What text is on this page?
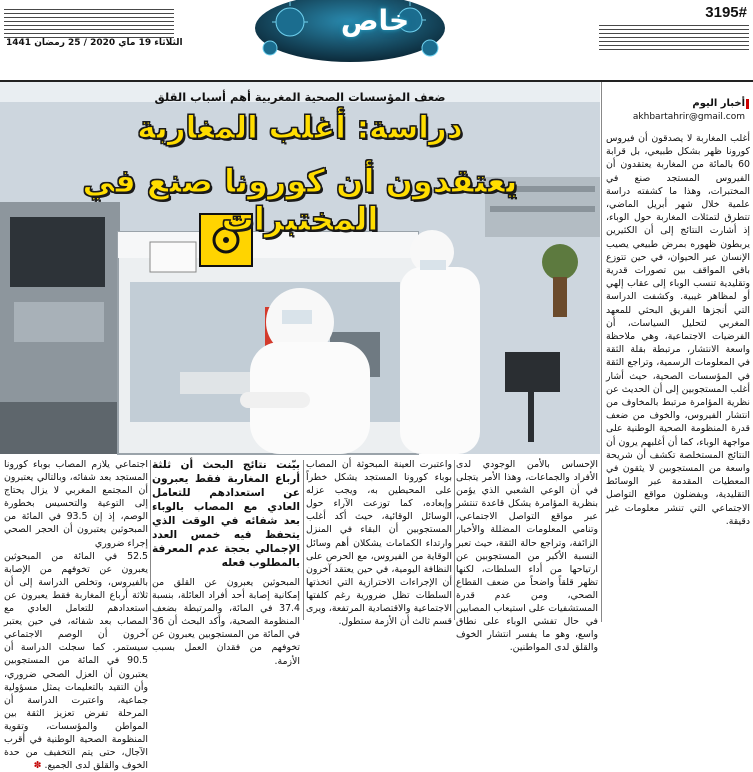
خاص	3195#
الثلاثاء 19 ماي 2020 / 25 رمضان 1441
ضعف المؤسسات الصحية المغربية أهم أسباب القلق
دراسة: أغلب المغاربة
يعتقدون أن كورونا صنع في المختبرات
أخبار اليوم
akhbartahrir@gmail.com

أغلب المغاربة لا يصدقون أن فيروس كورونا ظهر بشكل طبيعي، بل قرابة 60 بالمائة من المغاربة يعتقدون أن الفيروس المستجد صنع في المختبرات، وهذا ما كشفته دراسة علمية خلال شهر أبريل الماضي، تتطرق لتمثلات المغاربة حول الوباء، إذ أشارت النتائج إلى أن الكثيرين يربطون ظهوره بمرض طبيعي يصيب الإنسان عبر الحيوان، في حين تتوزع باقي المواقف بين تصورات قدرية وتقليدية تنسب الوباء إلى عقاب إلهي أو لمظاهر غيبية. وكشفت الدراسة التي أنجزها الفريق البحثي للمعهد المغربي لتحليل السياسات، أن الفرضيات الاجتماعية، وهي ملاحظة واسعة الانتشار، مرتبطة بقلة الثقة في المعلومات الرسمية، وتراجع الثقة في المؤسسات الصحية، حيث أشار أغلب المستجوبين إلى أن الحديث عن نظرية المؤامرة مرتبط بالمخاوف من انتشار الفيروس، والخوف من ضعف قدرة المنظومة الصحية الوطنية على مواجهة الوباء، كما أن أغلبهم يرون أن النتائج المستخلصة تكشف أن شريحة واسعة من المستجوبين لا يثقون في المعطيات المقدمة عبر الوسائط التقليدية، ويفضلون مواقع التواصل الاجتماعي التي تنشر معلومات غير دقيقة.

الإحساس بالأمن الوجودي لدى الأفراد والجماعات، وهذا الأمر يتجلى في أن الوعي الشعبي الذي يؤمن بنظرية المؤامرة يشكل قاعدة تنتشر عبر مواقع التواصل الاجتماعي، وتنامي المعلومات المضللة والأخبار الزائفة، وتراجع حالة الثقة، حيث تعبر النسبة الأكبر من المستجوبين عن ارتياحها من أداء السلطات، لكنها تظهر قلقاً واضحاً من ضعف القطاع الصحي، ومن عدم قدرة المستشفيات على استيعاب المصابين في حال تفشي الوباء على نطاق واسع، وهو ما يفسر انتشار الخوف والقلق لدى المواطنين.

واعتبرت العينة المبحوثة أن المصاب بوباء كورونا المستجد يشكل خطراً على المحيطين به، ويجب عزله وإبعاده، كما توزعت الآراء حول الوسائل الوقائية، حيث أكد أغلب المستجوبين أن البقاء في المنزل وارتداء الكمامات يشكلان أهم وسائل الوقاية من الفيروس، مع الحرص على النظافة اليومية، في حين يعتقد آخرون أن الإجراءات الاحترازية التي اتخذتها السلطات تظل ضرورية رغم كلفتها الاجتماعية والاقتصادية المرتفعة، ويرى قسم ثالث أن الأزمة ستطول.

بيّنت نتائج البحث أن ثلثة أرباع المغاربة فقط يعبرون عن استعدادهم للتعامل العادي مع المصاب بالوباء بعد شفائه في الوقت الذي يتحفظ فيه خمس العدد الإجمالي بحجة عدم المعرفة بالمطلوب فعله

المبحوثين يعبرون عن القلق من إمكانية إصابة أحد أفراد العائلة، بنسبة 37.4 في المائة، والمرتبطة بضعف المنظومة الصحية، وأكد البحث أن 36 في المائة من المستجوبين يعبرون عن تخوفهم من فقدان العمل بسبب الأزمة.

اجتماعي يلازم المصاب بوباء كورونا المستجد بعد شفائه، وبالتالي يعتبرون أن المجتمع المغربي لا يزال يحتاج إلى التوعية والتحسيس بخطورة الوصم، إذ إن 93.5 في المائة من المبحوثين يعتبرون أن الحجر الصحي إجراء ضروري

52.5 في المائة من المبحوثين يعبرون عن تخوفهم من الإصابة بالفيروس، وتخلص الدراسة إلى أن ثلاثة أرباع المغاربة فقط يعبرون عن استعدادهم للتعامل العادي مع المصاب بعد شفائه، في حين يعتبر آخرون أن الوصم الاجتماعي سيستمر. كما سجلت الدراسة أن 90.5 في المائة من المستجوبين يعتبرون أن العزل الصحي ضروري، وأن التقيد بالتعليمات يمثل مسؤولية جماعية، واعتبرت الدراسة أن المرحلة تفرض تعزيز الثقة بين المواطن والمؤسسات، وتقوية المنظومة الصحية الوطنية في أقرب الآجال، حتى يتم التخفيف من حدة الخوف والقلق لدى الجميع. ✽
